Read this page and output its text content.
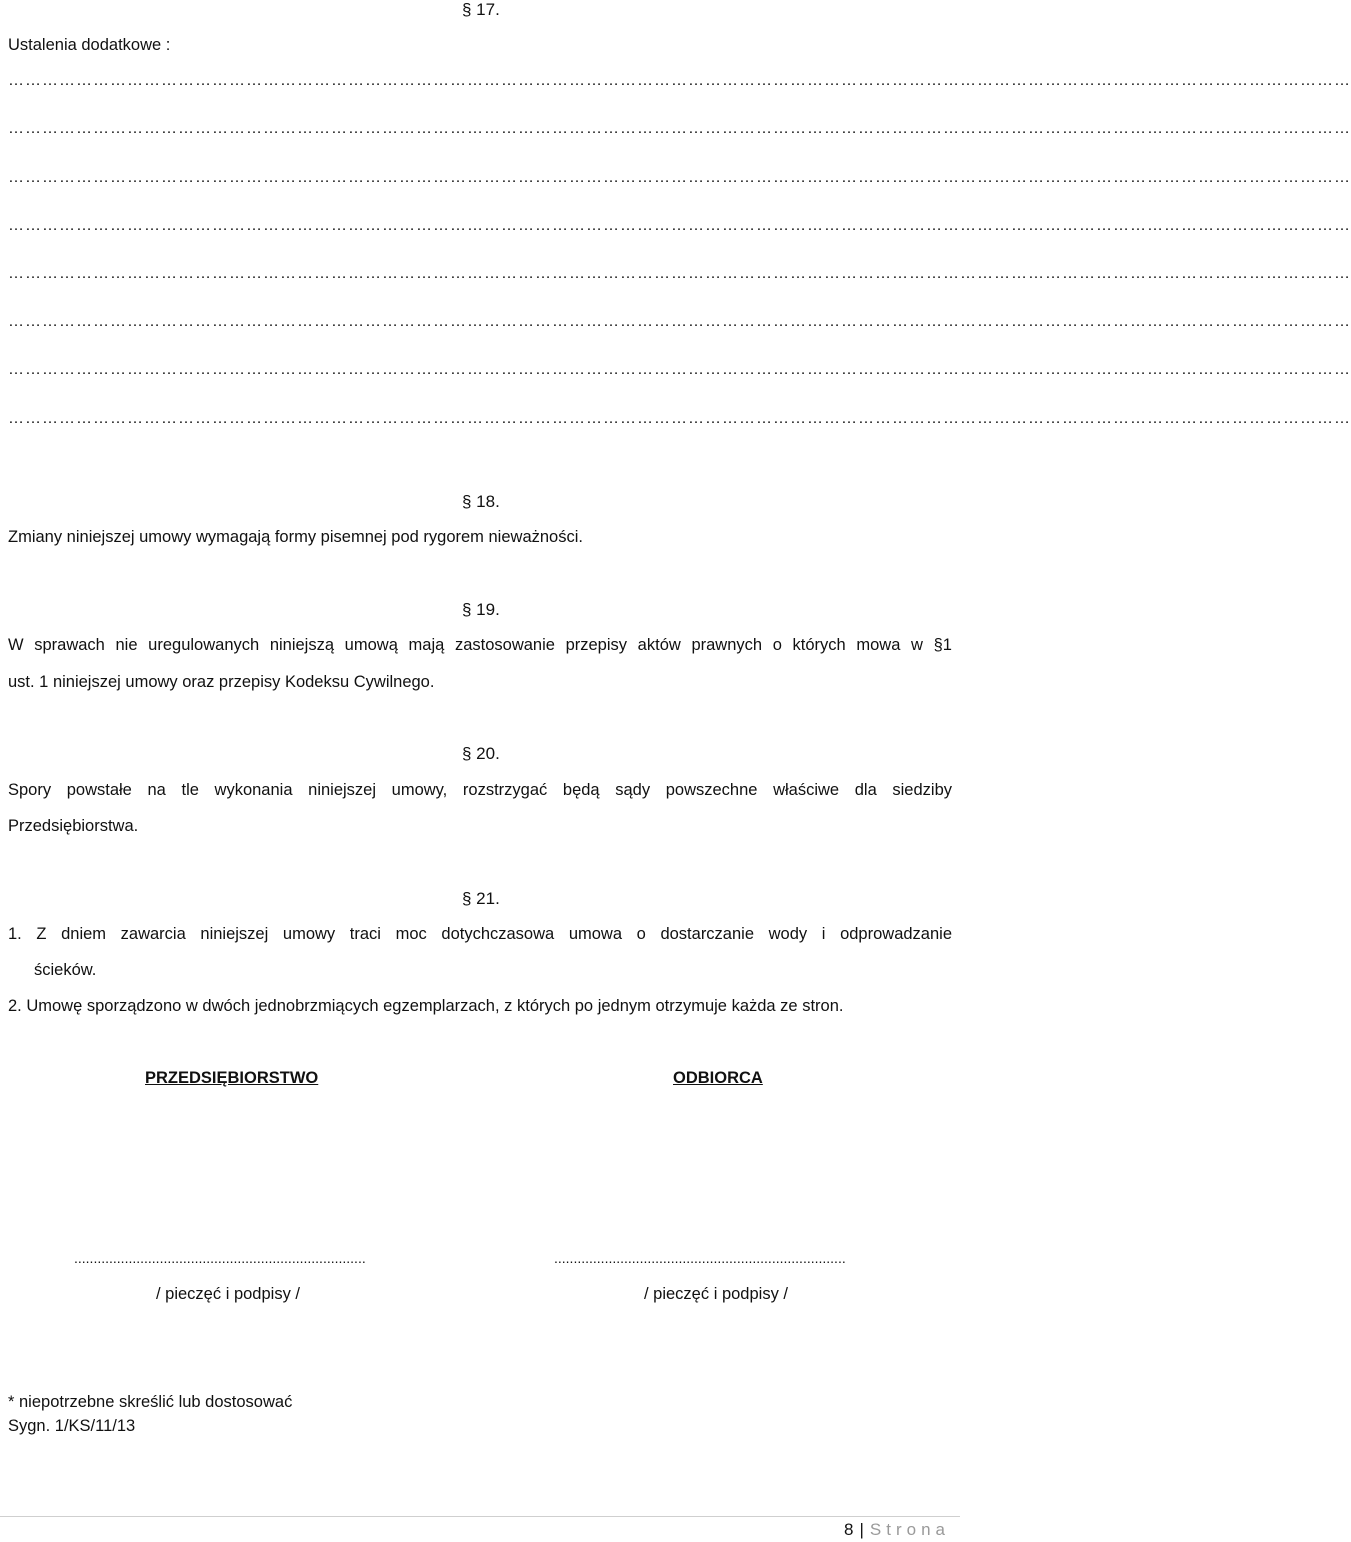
§ 17.
Ustalenia dodatkowe :
…………………………………………………………………………………………………………………………………………………………………………………………………………………
…………………………………………………………………………………………………………………………………………………………………………………………………………………
…………………………………………………………………………………………………………………………………………………………………………………………………………………
…………………………………………………………………………………………………………………………………………………………………………………………………………………
…………………………………………………………………………………………………………………………………………………………………………………………………………………
…………………………………………………………………………………………………………………………………………………………………………………………………………………
…………………………………………………………………………………………………………………………………………………………………………………………………………………
…………………………………………………………………………………………………………………………………………………………………………………………………………………
§ 18.
Zmiany niniejszej umowy wymagają formy pisemnej pod rygorem nieważności.
§ 19.
W sprawach nie uregulowanych niniejszą umową mają zastosowanie przepisy aktów prawnych o których mowa w §1
ust. 1 niniejszej umowy oraz przepisy Kodeksu Cywilnego.
§ 20.
Spory powstałe na tle wykonania niniejszej umowy, rozstrzygać będą sądy powszechne właściwe dla siedziby
Przedsiębiorstwa.
§ 21.
1. Z dniem zawarcia niniejszej umowy traci moc dotychczasowa umowa o dostarczanie wody i odprowadzanie
ścieków.
2. Umowę sporządzono w dwóch jednobrzmiących egzemplarzach, z których po jednym otrzymuje każda ze stron.
PRZEDSIĘBIORSTWO	ODBIORCA
...........................................................................	...........................................................................
/ pieczęć i podpisy /	/ pieczęć i podpisy /
* niepotrzebne skreślić lub dostosować
Sygn. 1/KS/11/13
8 | Strona
